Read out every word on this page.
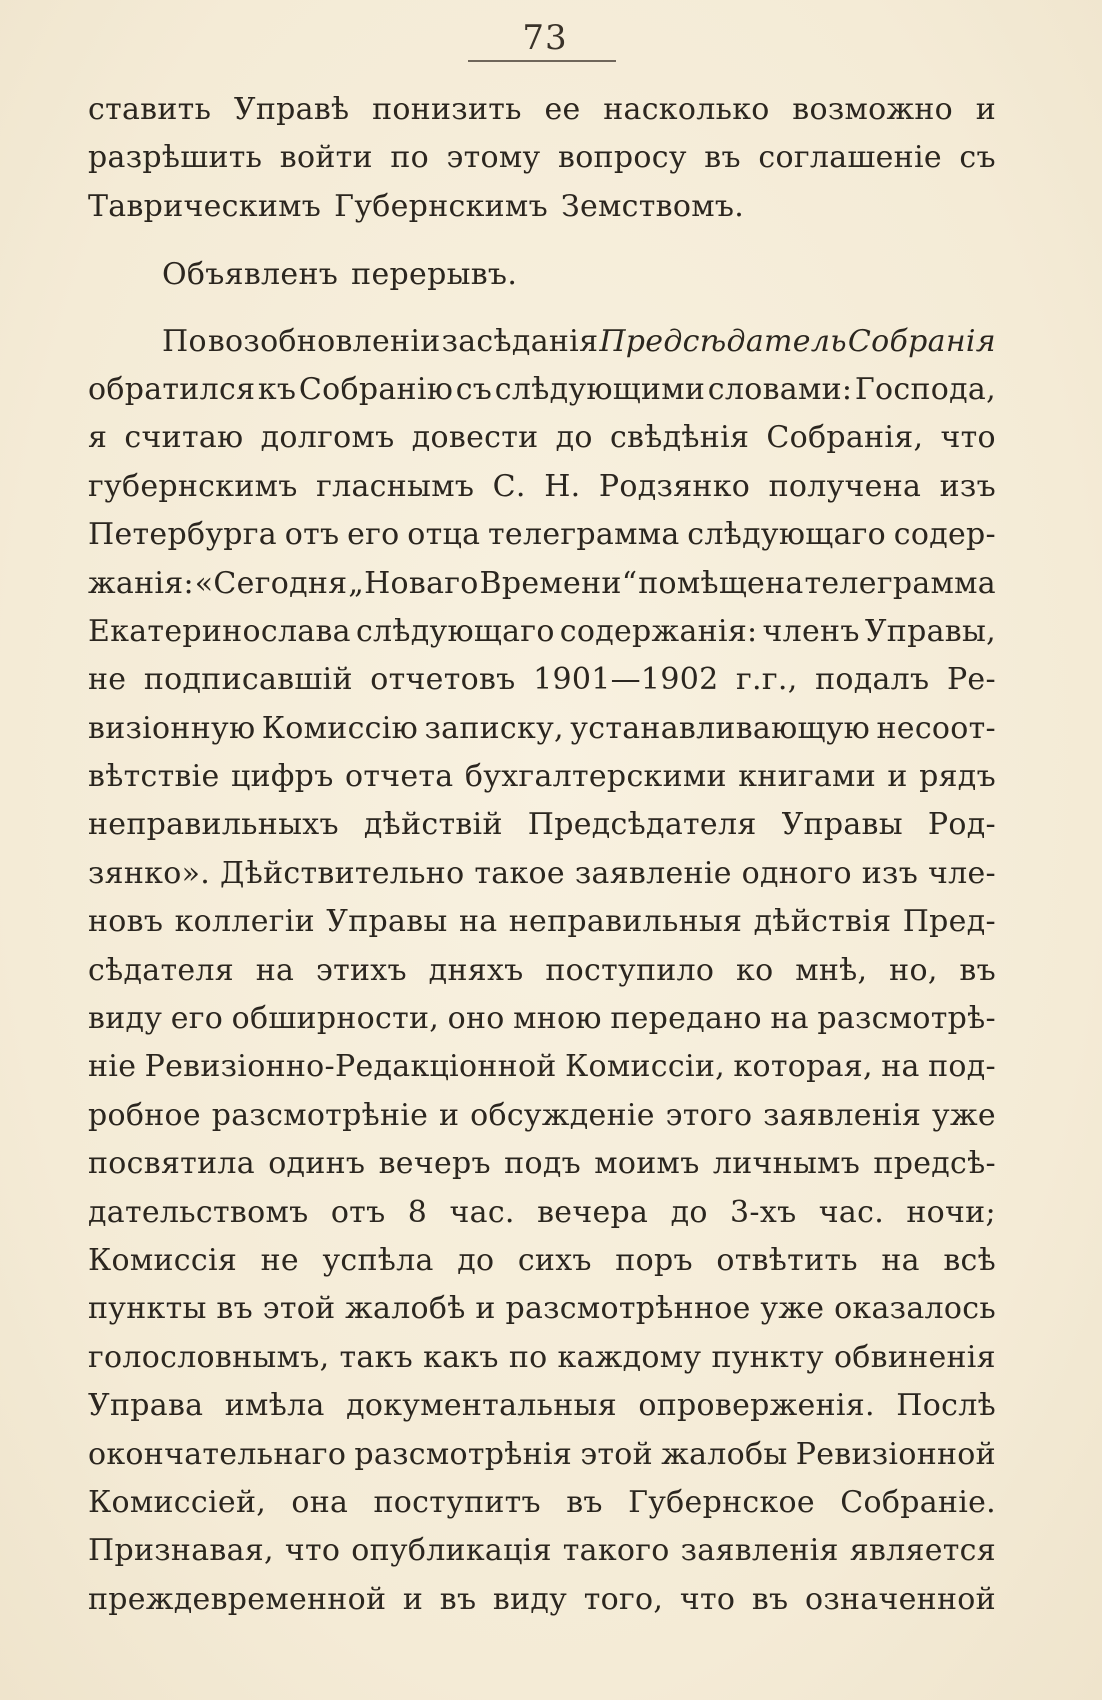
73
ставить Управѣ понизить ее насколько возможно и
разрѣшить войти по этому вопросу въ соглашеніе съ
Таврическимъ Губернскимъ Земствомъ.
Объявленъ перерывъ.
По возобновленіи засѣданія Предсѣдатель Собранія
обратился къ Собранію съ слѣдующими словами: Господа,
я считаю долгомъ довести до свѣдѣнія Собранія, что
губернскимъ гласнымъ С. Н. Родзянко получена изъ
Петербурга отъ его отца телеграмма слѣдующаго содер-
жанія: «Сегодня „Новаго Времени“ помѣщена телеграмма
Екатеринослава слѣдующаго содержанія: членъ Управы,
не подписавшій отчетовъ 1901—1902 г.г., подалъ Ре-
визіонную Комиссію записку, устанавливающую несоот-
вѣтствіе цифръ отчета бухгалтерскими книгами и рядъ
неправильныхъ дѣйствій Предсѣдателя Управы Род-
зянко». Дѣйствительно такое заявленіе одного изъ чле-
новъ коллегіи Управы на неправильныя дѣйствія Пред-
сѣдателя на этихъ дняхъ поступило ко мнѣ, но, въ
виду его обширности, оно мною передано на разсмотрѣ-
ніе Ревизіонно-Редакціонной Комиссіи, которая, на под-
робное разсмотрѣніе и обсужденіе этого заявленія уже
посвятила одинъ вечеръ подъ моимъ личнымъ предсѣ-
дательствомъ отъ 8 час. вечера до 3-хъ час. ночи;
Комиссія не успѣла до сихъ поръ отвѣтить на всѣ
пункты въ этой жалобѣ и разсмотрѣнное уже оказалось
голословнымъ, такъ какъ по каждому пункту обвиненія
Управа имѣла документальныя опроверженія. Послѣ
окончательнаго разсмотрѣнія этой жалобы Ревизіонной
Комиссіей, она поступитъ въ Губернское Собраніе.
Признавая, что опубликація такого заявленія является
преждевременной и въ виду того, что въ означенной
